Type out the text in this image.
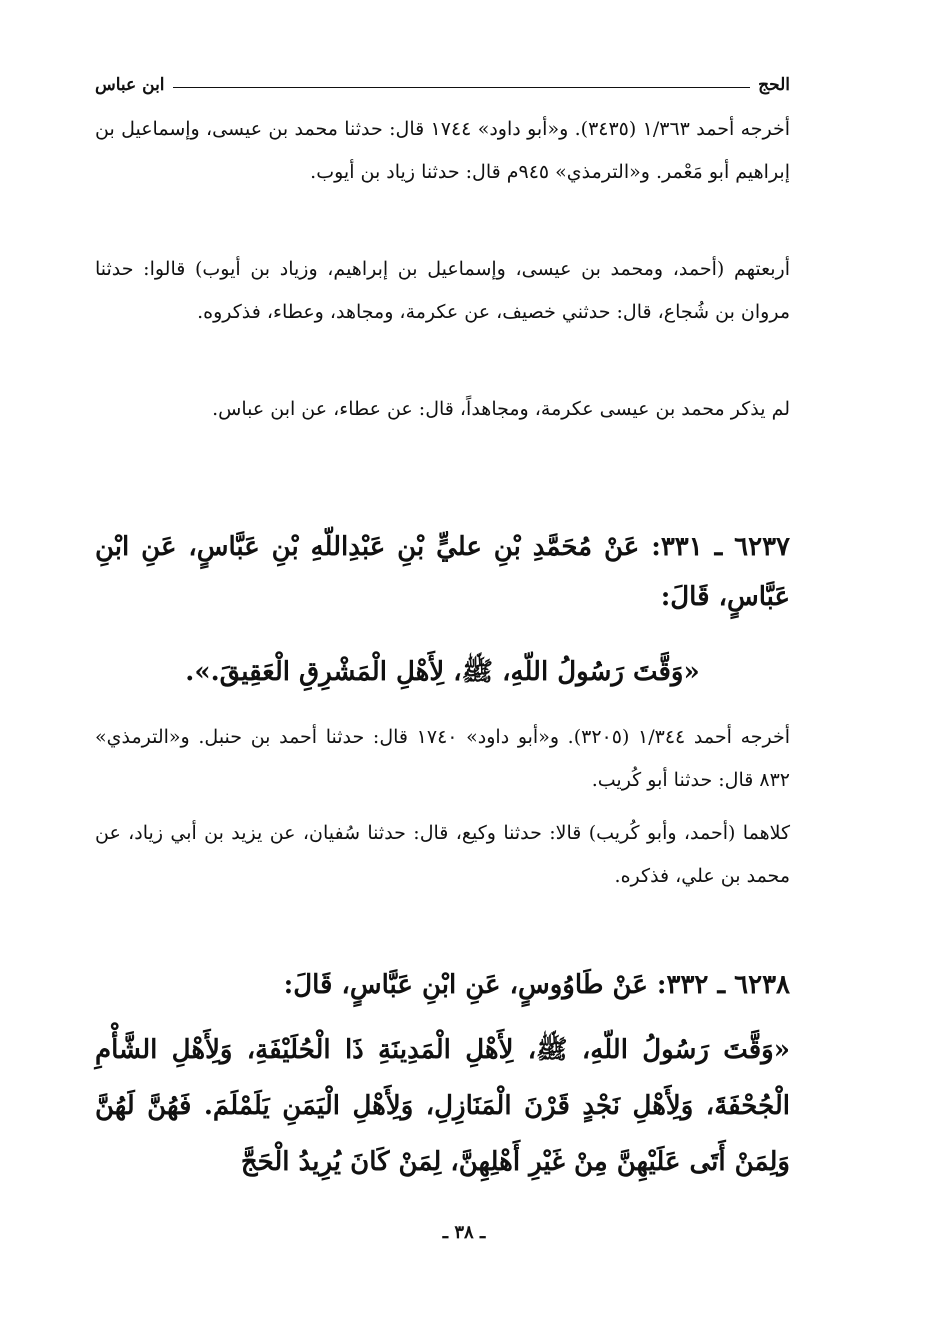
الحج
ابن عباس

أخرجه أحمد ١/٣٦٣ (٣٤٣٥). و«أبو داود» ١٧٤٤ قال: حدثنا محمد بن عيسى، وإسماعيل بن إبراهيم أبو مَعْمر. و«الترمذي» ٩٤٥م قال: حدثنا زياد بن أيوب.

أربعتهم (أحمد، ومحمد بن عيسى، وإسماعيل بن إبراهيم، وزياد بن أيوب) قالوا: حدثنا مروان بن شُجاع، قال: حدثني خصيف، عن عكرمة، ومجاهد، وعطاء، فذكروه.

لم يذكر محمد بن عيسى عكرمة، ومجاهداً، قال: عن عطاء، عن ابن عباس.

٦٢٣٧ ـ ٣٣١: عَنْ مُحَمَّدِ بْنِ عليٍّ بْنِ عَبْدِاللّهِ بْنِ عَبَّاسٍ، عَنِ ابْنِ عَبَّاسٍ، قَالَ:
«وَقَّتَ رَسُولُ اللّهِ، ﷺ، لِأَهْلِ الْمَشْرِقِ الْعَقِيقَ.».

أخرجه أحمد ١/٣٤٤ (٣٢٠٥). و«أبو داود» ١٧٤٠ قال: حدثنا أحمد بن حنبل. و«الترمذي» ٨٣٢ قال: حدثنا أبو كُريب.

كلاهما (أحمد، وأبو كُريب) قالا: حدثنا وكيع، قال: حدثنا سُفيان، عن يزيد بن أبي زياد، عن محمد بن علي، فذكره.

٦٢٣٨ ـ ٣٣٢: عَنْ طَاوُوسٍ، عَنِ ابْنِ عَبَّاسٍ، قَالَ:
«وَقَّتَ رَسُولُ اللّهِ، ﷺ، لِأَهْلِ الْمَدِينَةِ ذَا الْحُلَيْفَةِ، وَلِأَهْلِ الشَّأْمِ الْجُحْفَةَ، وَلِأَهْلِ نَجْدٍ قَرْنَ الْمَنَازِلِ، وَلِأَهْلِ الْيَمَنِ يَلَمْلَمَ. فَهُنَّ لَهُنَّ وَلِمَنْ أَتَى عَلَيْهِنَّ مِنْ غَيْرِ أَهْلِهِنَّ، لِمَنْ كَانَ يُرِيدُ الْحَجَّ
ـ ٣٨ ـ
